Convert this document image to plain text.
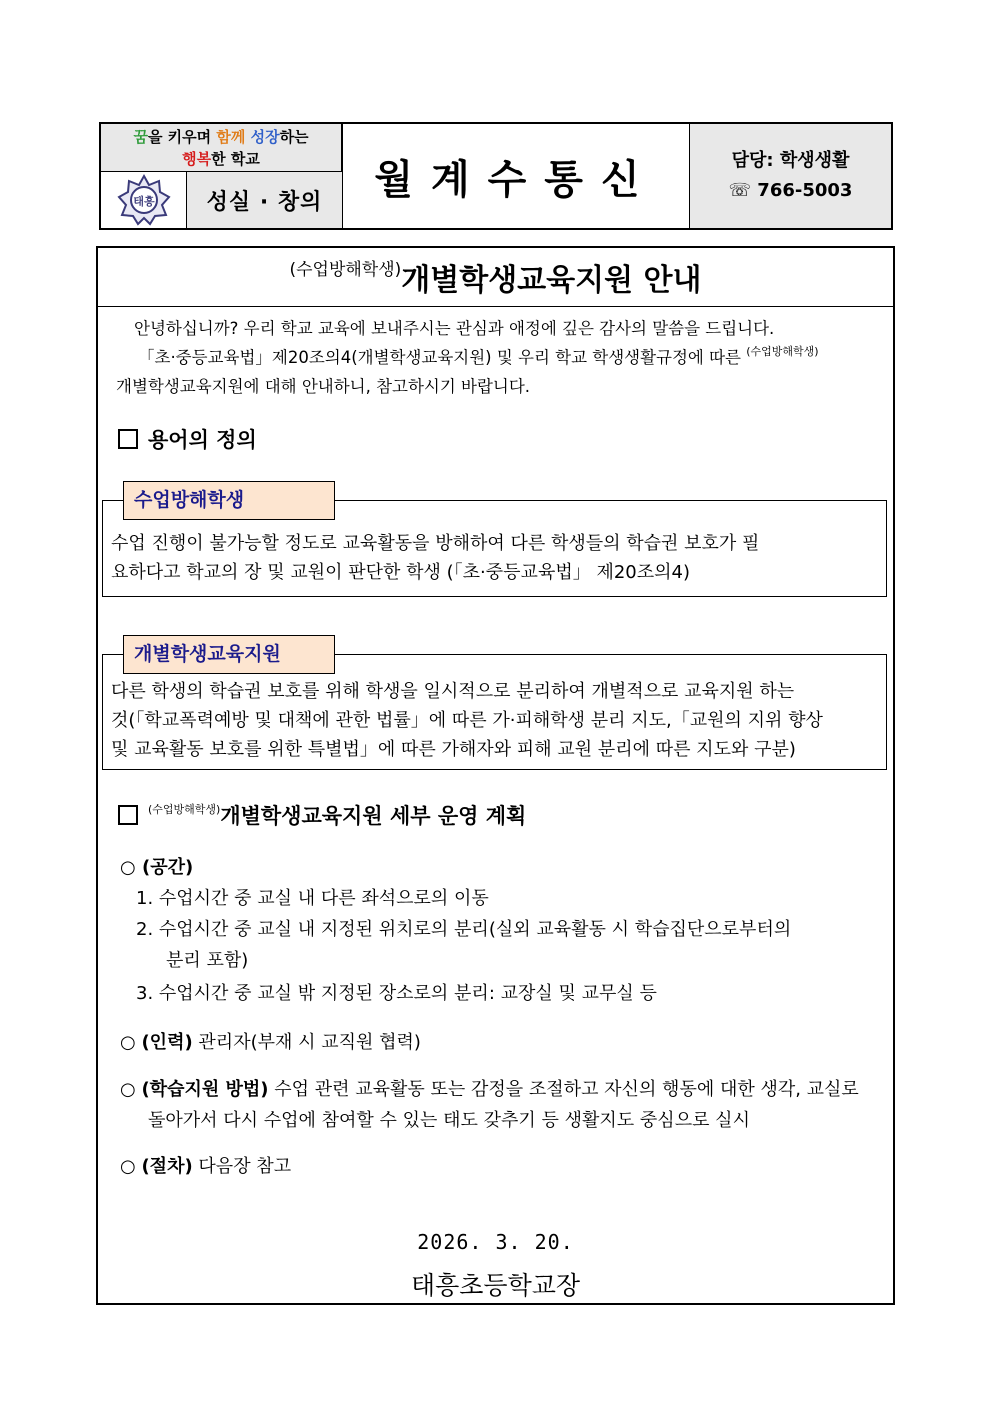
꿈을 키우며 함께 성장하는
행복한 학교
태흥	성실 · 창의	월계수통신	담당: 학생생활
☏ 766-5003
(수업방해학생) 개별학생교육지원 안내
안녕하십니까? 우리 학교 교육에 보내주시는 관심과 애정에 깊은 감사의 말씀을 드립니다.
「초·중등교육법」제20조의4(개별학생교육지원) 및 우리 학교 학생생활규정에 따른 $^{(수업방해학생)}$
개별학생교육지원에 대해 안내하니, 참고하시기 바랍니다.
용어의 정의
수업 진행이 불가능할 정도로 교육활동을 방해하여 다른 학생들의 학습권 보호가 필
요하다고 학교의 장 및 교원이 판단한 학생 (「초·중등교육법」 제20조의4)
수업방해학생
다른 학생의 학습권 보호를 위해 학생을 일시적으로 분리하여 개별적으로 교육지원 하는
것(「학교폭력예방 및 대책에 관한 법률」에 따른 가·피해학생 분리 지도,「교원의 지위 향상
및 교육활동 보호를 위한 특별법」에 따른 가해자와 피해 교원 분리에 따른 지도와 구분)
개별학생교육지원
$^{(수업방해학생)}$개별학생교육지원 세부 운영 계획
○ (공간)
1. 수업시간 중 교실 내 다른 좌석으로의 이동
2. 수업시간 중 교실 내 지정된 위치로의 분리(실외 교육활동 시 학습집단으로부터의
분리 포함)
3. 수업시간 중 교실 밖 지정된 장소로의 분리: 교장실 및 교무실 등
○ (인력) 관리자(부재 시 교직원 협력)
○ (학습지원 방법) 수업 관련 교육활동 또는 감정을 조절하고 자신의 행동에 대한 생각, 교실로
돌아가서 다시 수업에 참여할 수 있는 태도 갖추기 등 생활지도 중심으로 실시
○ (절차) 다음장 참고
2026. 3. 20.
태흥초등학교장
